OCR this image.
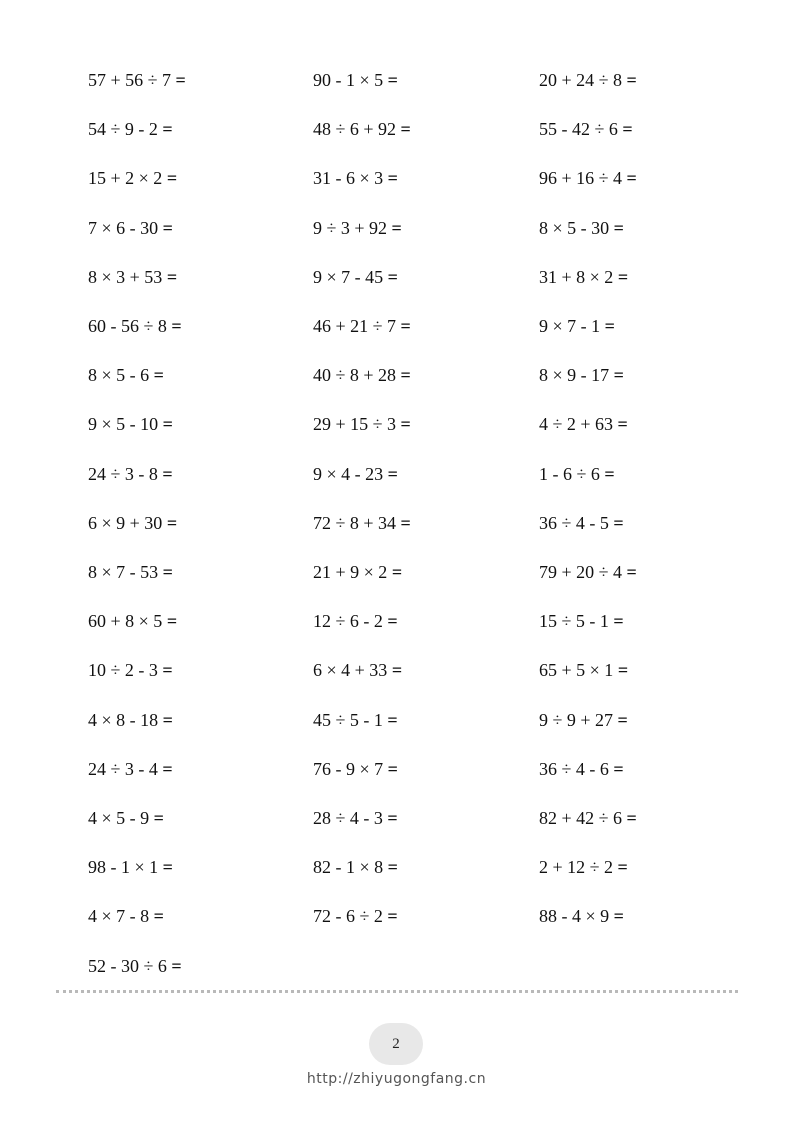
57 + 56 ÷ 7 =	90 - 1 × 5 =	20 + 24 ÷ 8 =
54 ÷ 9 - 2 =	48 ÷ 6 + 92 =	55 - 42 ÷ 6 =
15 + 2 × 2 =	31 - 6 × 3 =	96 + 16 ÷ 4 =
7 × 6 - 30 =	9 ÷ 3 + 92 =	8 × 5 - 30 =
8 × 3 + 53 =	9 × 7 - 45 =	31 + 8 × 2 =
60 - 56 ÷ 8 =	46 + 21 ÷ 7 =	9 × 7 - 1 =
8 × 5 - 6 =	40 ÷ 8 + 28 =	8 × 9 - 17 =
9 × 5 - 10 =	29 + 15 ÷ 3 =	4 ÷ 2 + 63 =
24 ÷ 3 - 8 =	9 × 4 - 23 =	1 - 6 ÷ 6 =
6 × 9 + 30 =	72 ÷ 8 + 34 =	36 ÷ 4 - 5 =
8 × 7 - 53 =	21 + 9 × 2 =	79 + 20 ÷ 4 =
60 + 8 × 5 =	12 ÷ 6 - 2 =	15 ÷ 5 - 1 =
10 ÷ 2 - 3 =	6 × 4 + 33 =	65 + 5 × 1 =
4 × 8 - 18 =	45 ÷ 5 - 1 =	9 ÷ 9 + 27 =
24 ÷ 3 - 4 =	76 - 9 × 7 =	36 ÷ 4 - 6 =
4 × 5 - 9 =	28 ÷ 4 - 3 =	82 + 42 ÷ 6 =
98 - 1 × 1 =	82 - 1 × 8 =	2 + 12 ÷ 2 =
4 × 7 - 8 =	72 - 6 ÷ 2 =	88 - 4 × 9 =
52 - 30 ÷ 6 =
2
http://zhiyugongfang.cn
